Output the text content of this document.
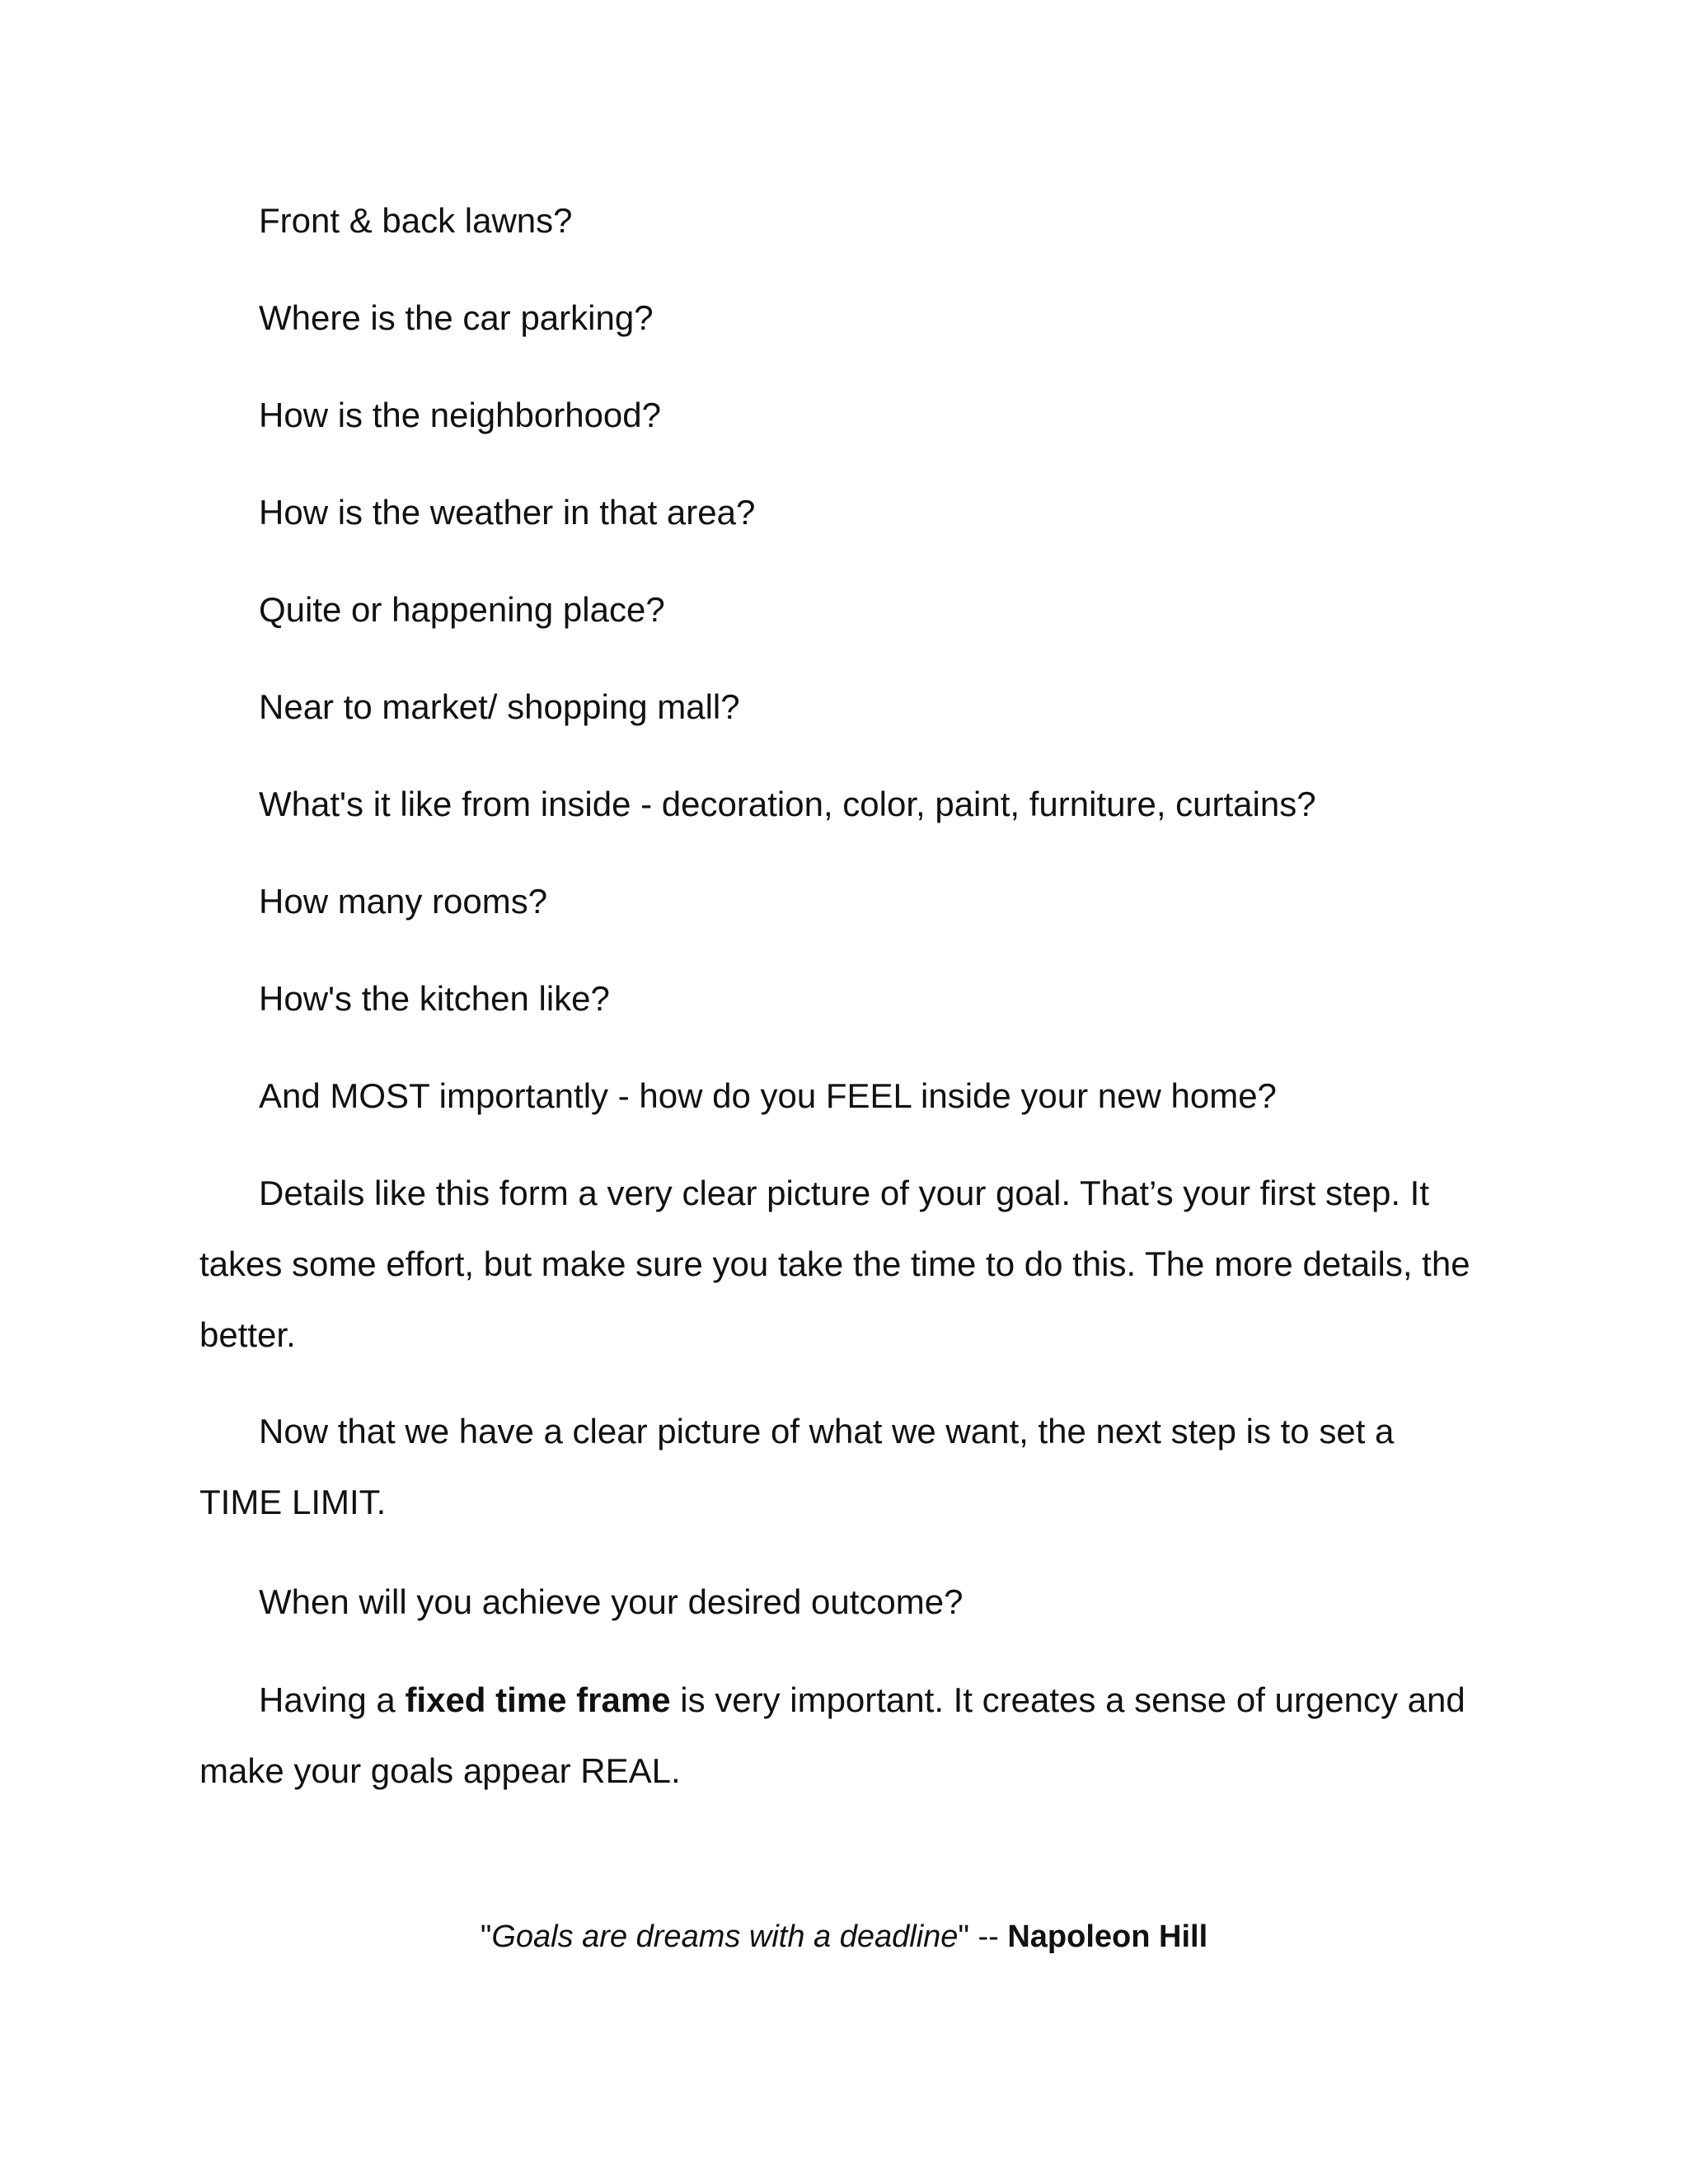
Front & back lawns?
Where is the car parking?
How is the neighborhood?
How is the weather in that area?
Quite or happening place?
Near to market/ shopping mall?
What's it like from inside - decoration, color, paint, furniture, curtains?
How many rooms?
How's the kitchen like?
And MOST importantly - how do you FEEL inside your new home?
Details like this form a very clear picture of your goal. That’s your first step. It takes some effort, but make sure you take the time to do this. The more details, the better.
Now that we have a clear picture of what we want, the next step is to set a TIME LIMIT.
When will you achieve your desired outcome?
Having a fixed time frame is very important. It creates a sense of urgency and make your goals appear REAL.
"Goals are dreams with a deadline" -- Napoleon Hill
